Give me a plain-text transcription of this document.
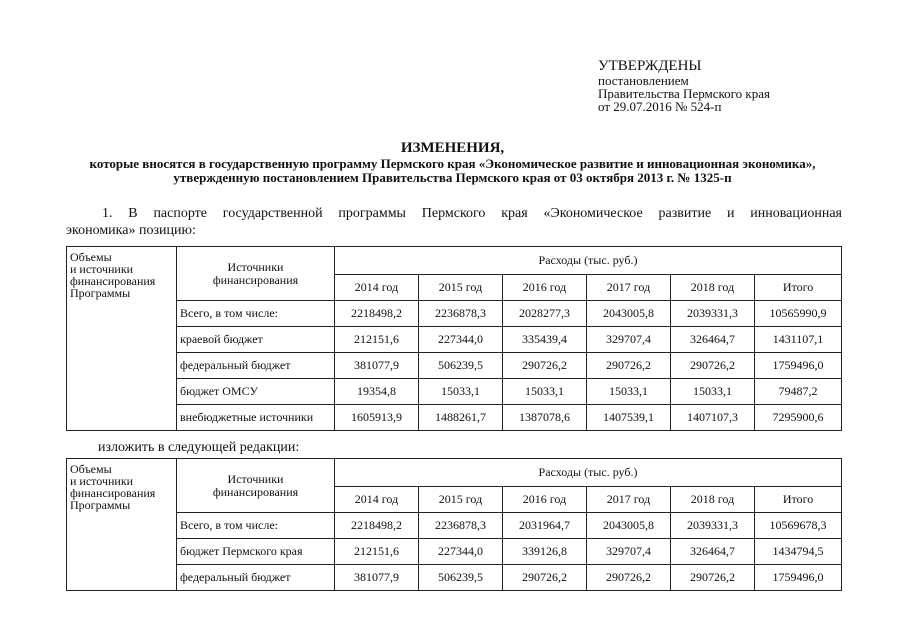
УТВЕРЖДЕНЫ
постановлением
Правительства Пермского края
от 29.07.2016 № 524-п
ИЗМЕНЕНИЯ,
которые вносятся в государственную программу Пермского края «Экономическое развитие и инновационная экономика», утвержденную постановлением Правительства Пермского края от 03 октября 2013 г. № 1325-п
1. В паспорте государственной программы Пермского края «Экономическое развитие и инновационная
экономика» позицию:
Объемы
и источники
финансирования
Программы	Источники
финансирования	Расходы (тыс. руб.)					
		2014 год	2015 год	2016 год	2017 год	2018 год	Итого
	Всего, в том числе:	2218498,2	2236878,3	2028277,3	2043005,8	2039331,3	10565990,9
	краевой бюджет	212151,6	227344,0	335439,4	329707,4	326464,7	1431107,1
	федеральный бюджет	381077,9	506239,5	290726,2	290726,2	290726,2	1759496,0
	бюджет ОМСУ	19354,8	15033,1	15033,1	15033,1	15033,1	79487,2
	внебюджетные источники	1605913,9	1488261,7	1387078,6	1407539,1	1407107,3	7295900,6
изложить в следующей редакции:
Объемы
и источники
финансирования
Программы	Источники
финансирования	Расходы (тыс. руб.)					
		2014 год	2015 год	2016 год	2017 год	2018 год	Итого
	Всего, в том числе:	2218498,2	2236878,3	2031964,7	2043005,8	2039331,3	10569678,3
	бюджет Пермского края	212151,6	227344,0	339126,8	329707,4	326464,7	1434794,5
	федеральный бюджет	381077,9	506239,5	290726,2	290726,2	290726,2	1759496,0
